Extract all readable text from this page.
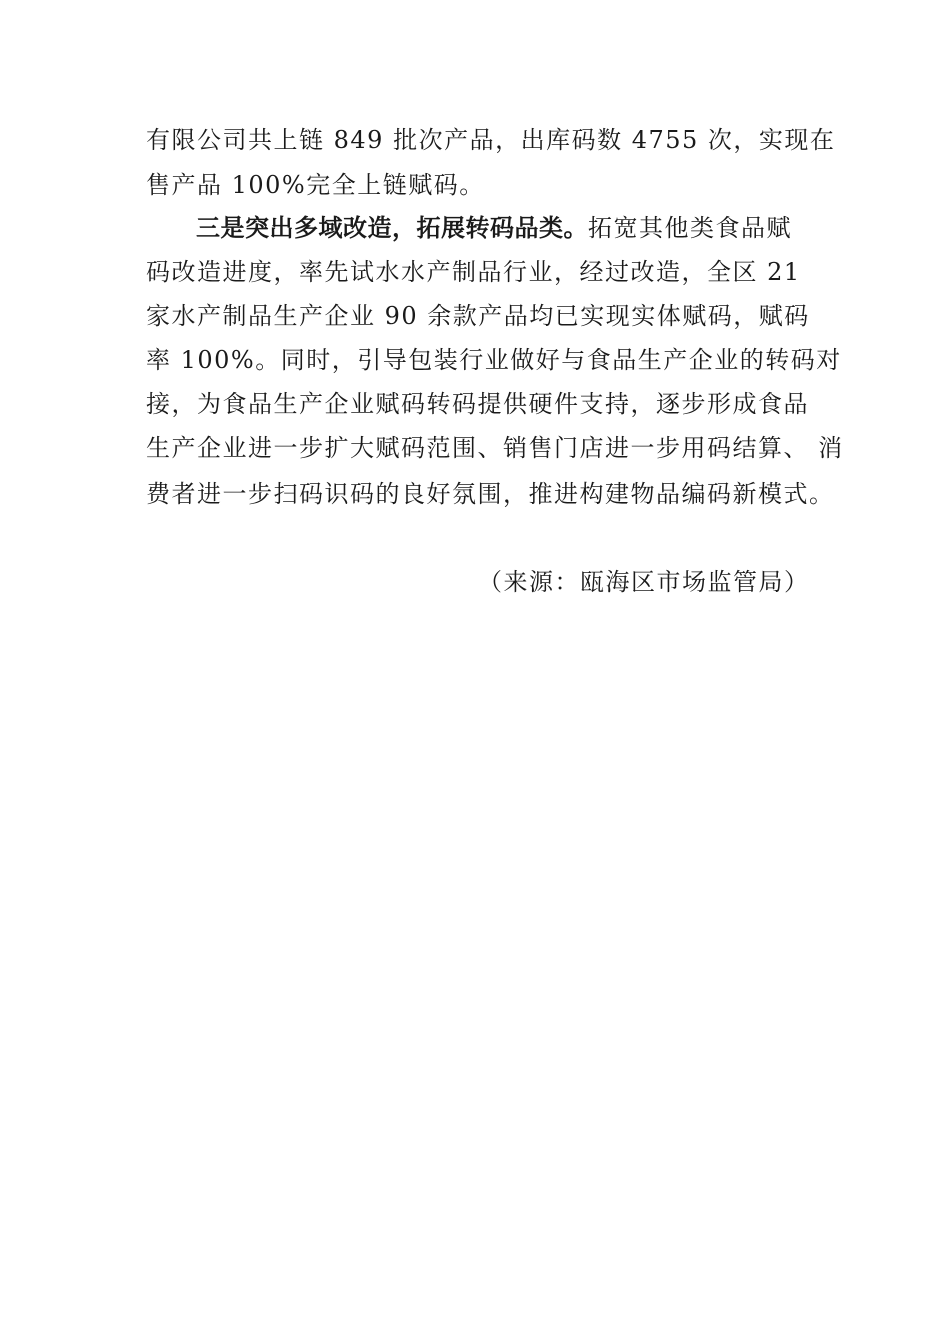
有限公司共上链 849 批次产品，出库码数 4755 次，实现在
售产品 100%完全上链赋码。
三是突出多域改造，拓展转码品类。拓宽其他类食品赋
码改造进度，率先试水水产制品行业，经过改造，全区 21
家水产制品生产企业 90 余款产品均已实现实体赋码，赋码
率 100%。同时，引导包装行业做好与食品生产企业的转码对
接，为食品生产企业赋码转码提供硬件支持，逐步形成食品
生产企业进一步扩大赋码范围、销售门店进一步用码结算、 消
费者进一步扫码识码的良好氛围，推进构建物品编码新模式。
（来源：瓯海区市场监管局）
